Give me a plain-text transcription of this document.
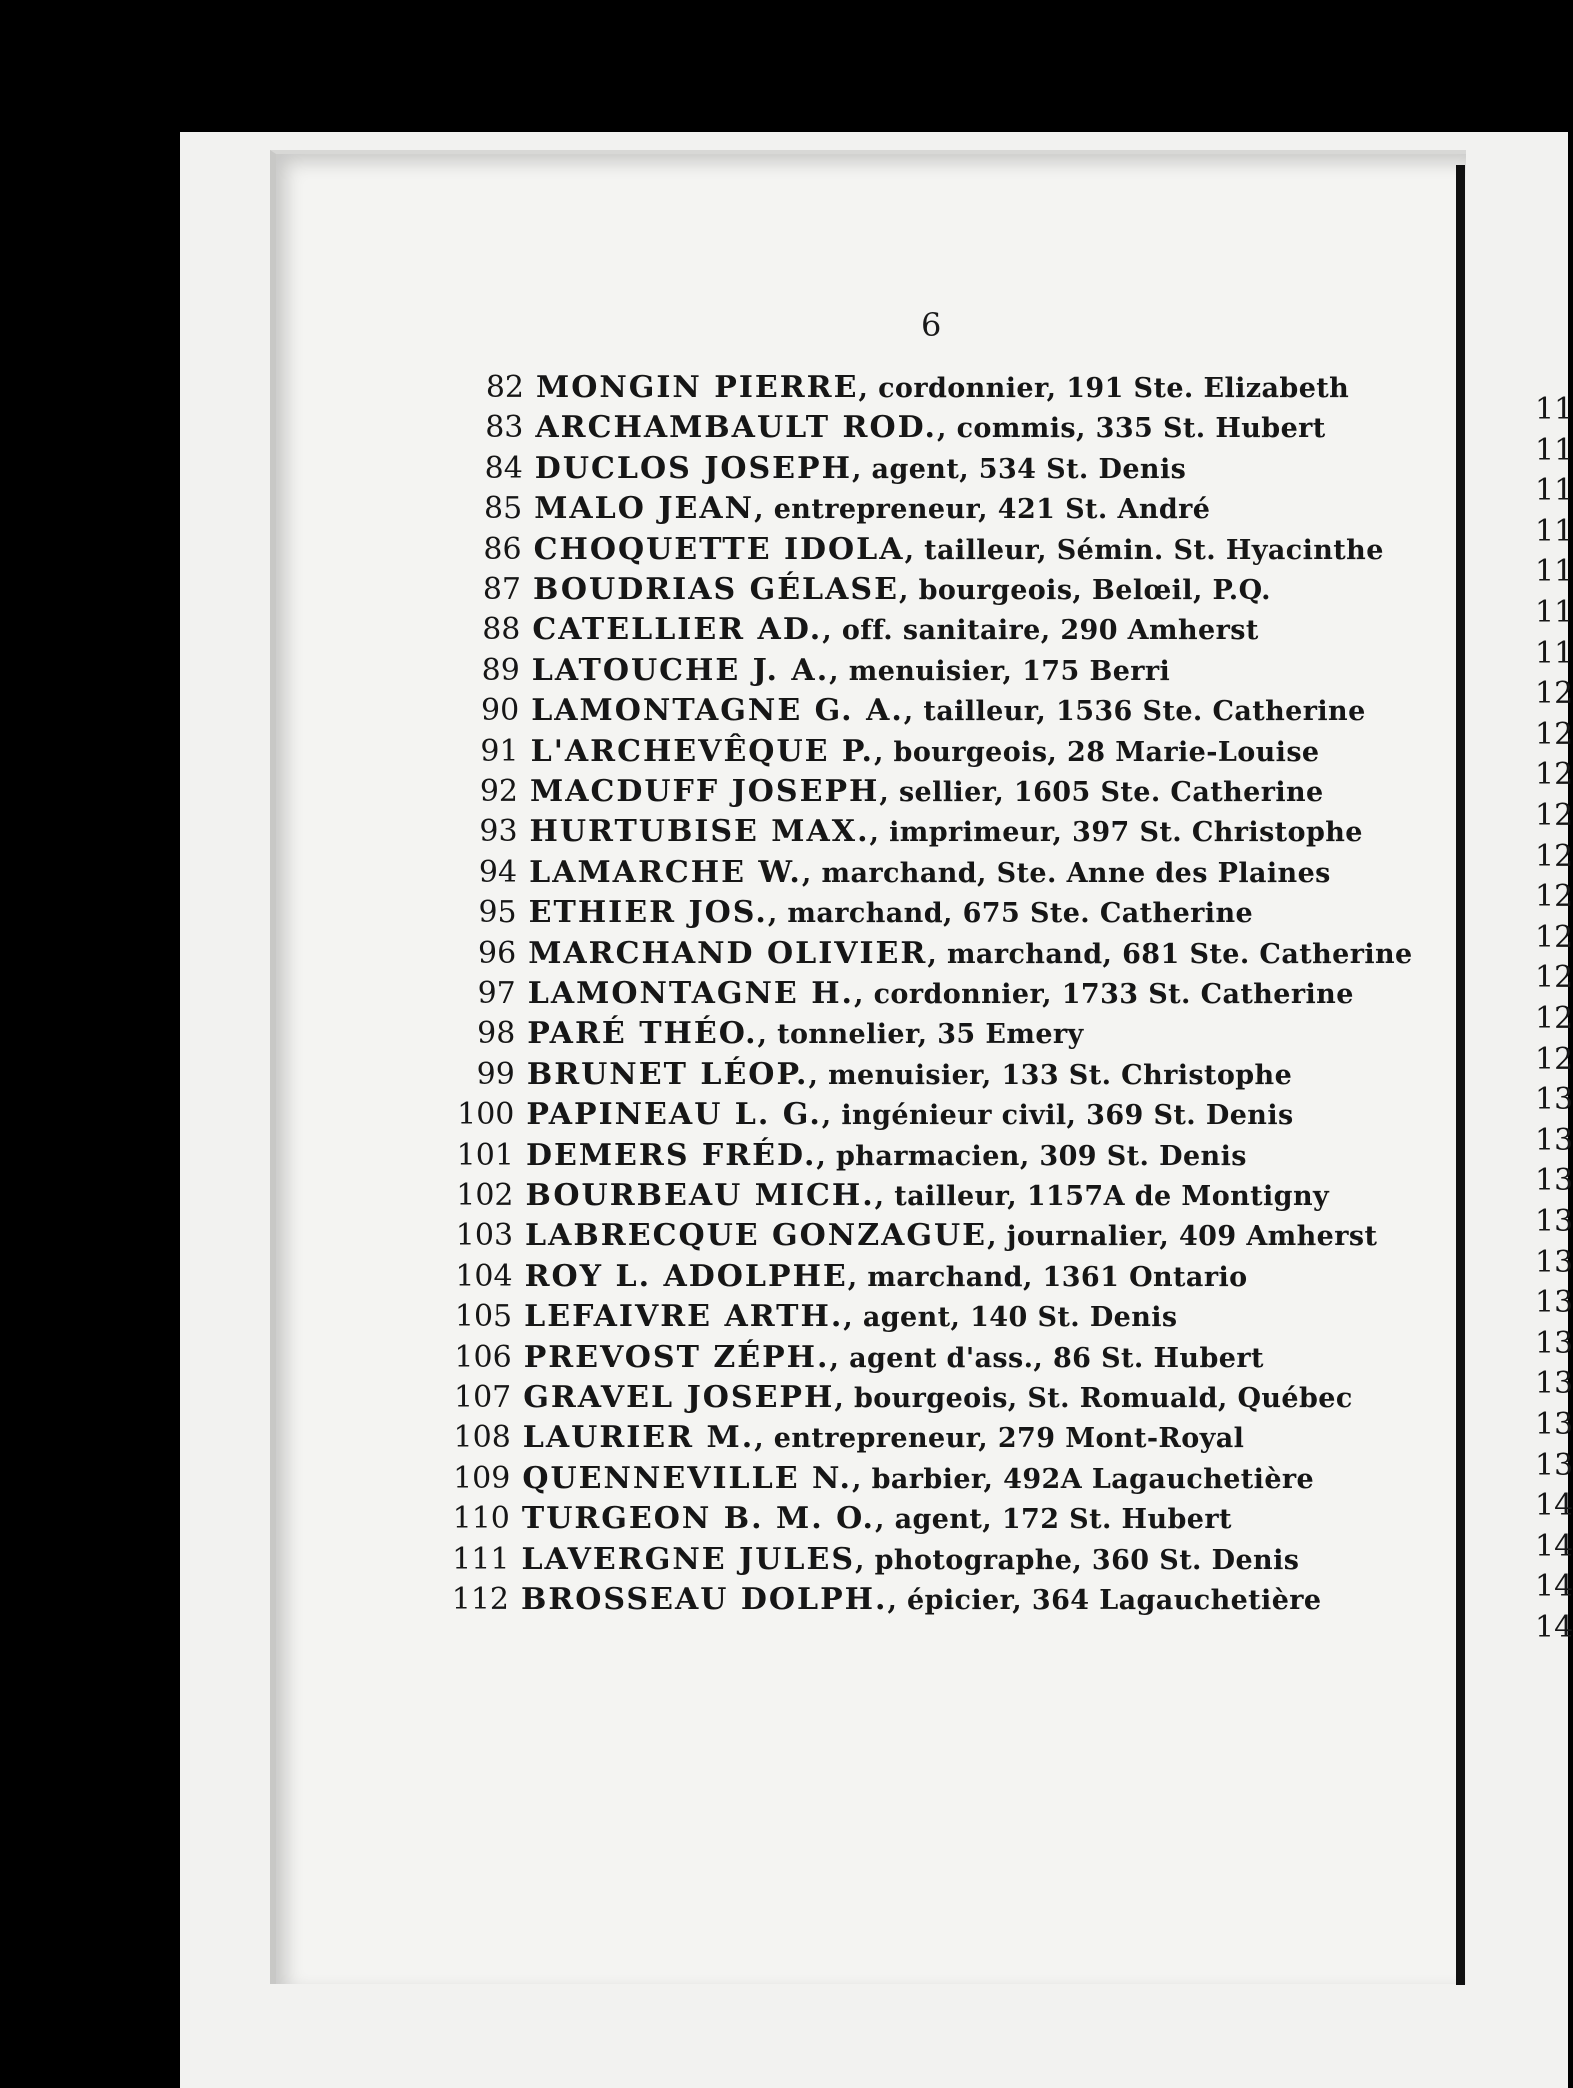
6
82 MONGIN PIERRE, cordonnier, 191 Ste. Elizabeth
83 ARCHAMBAULT ROD., commis, 335 St. Hubert
84 DUCLOS JOSEPH, agent, 534 St. Denis
85 MALO JEAN, entrepreneur, 421 St. André
86 CHOQUETTE IDOLA, tailleur, Sémin. St. Hyacinthe
87 BOUDRIAS GÉLASE, bourgeois, Belœil, P.Q.
88 CATELLIER AD., off. sanitaire, 290 Amherst
89 LATOUCHE J. A., menuisier, 175 Berri
90 LAMONTAGNE G. A., tailleur, 1536 Ste. Catherine
91 L'ARCHEVÊQUE P., bourgeois, 28 Marie-Louise
92 MACDUFF JOSEPH, sellier, 1605 Ste. Catherine
93 HURTUBISE MAX., imprimeur, 397 St. Christophe
94 LAMARCHE W., marchand, Ste. Anne des Plaines
95 ETHIER JOS., marchand, 675 Ste. Catherine
96 MARCHAND OLIVIER, marchand, 681 Ste. Catherine
97 LAMONTAGNE H., cordonnier, 1733 St. Catherine
98 PARÉ THÉO., tonnelier, 35 Emery
99 BRUNET LÉOP., menuisier, 133 St. Christophe
100 PAPINEAU L. G., ingénieur civil, 369 St. Denis
101 DEMERS FRÉD., pharmacien, 309 St. Denis
102 BOURBEAU MICH., tailleur, 1157A de Montigny
103 LABRECQUE GONZAGUE, journalier, 409 Amherst
104 ROY L. ADOLPHE, marchand, 1361 Ontario
105 LEFAIVRE ARTH., agent, 140 St. Denis
106 PREVOST ZÉPH., agent d'ass., 86 St. Hubert
107 GRAVEL JOSEPH, bourgeois, St. Romuald, Québec
108 LAURIER M., entrepreneur, 279 Mont-Royal
109 QUENNEVILLE N., barbier, 492A Lagauchetière
110 TURGEON B. M. O., agent, 172 St. Hubert
111 LAVERGNE JULES, photographe, 360 St. Denis
112 BROSSEAU DOLPH., épicier, 364 Lagauchetière
11
11
11
11
11
11
11
12
12
12
12
12
12
12
12
12
12
13
13
13
13
13
13
13
13
13
13
14
14
14
14
